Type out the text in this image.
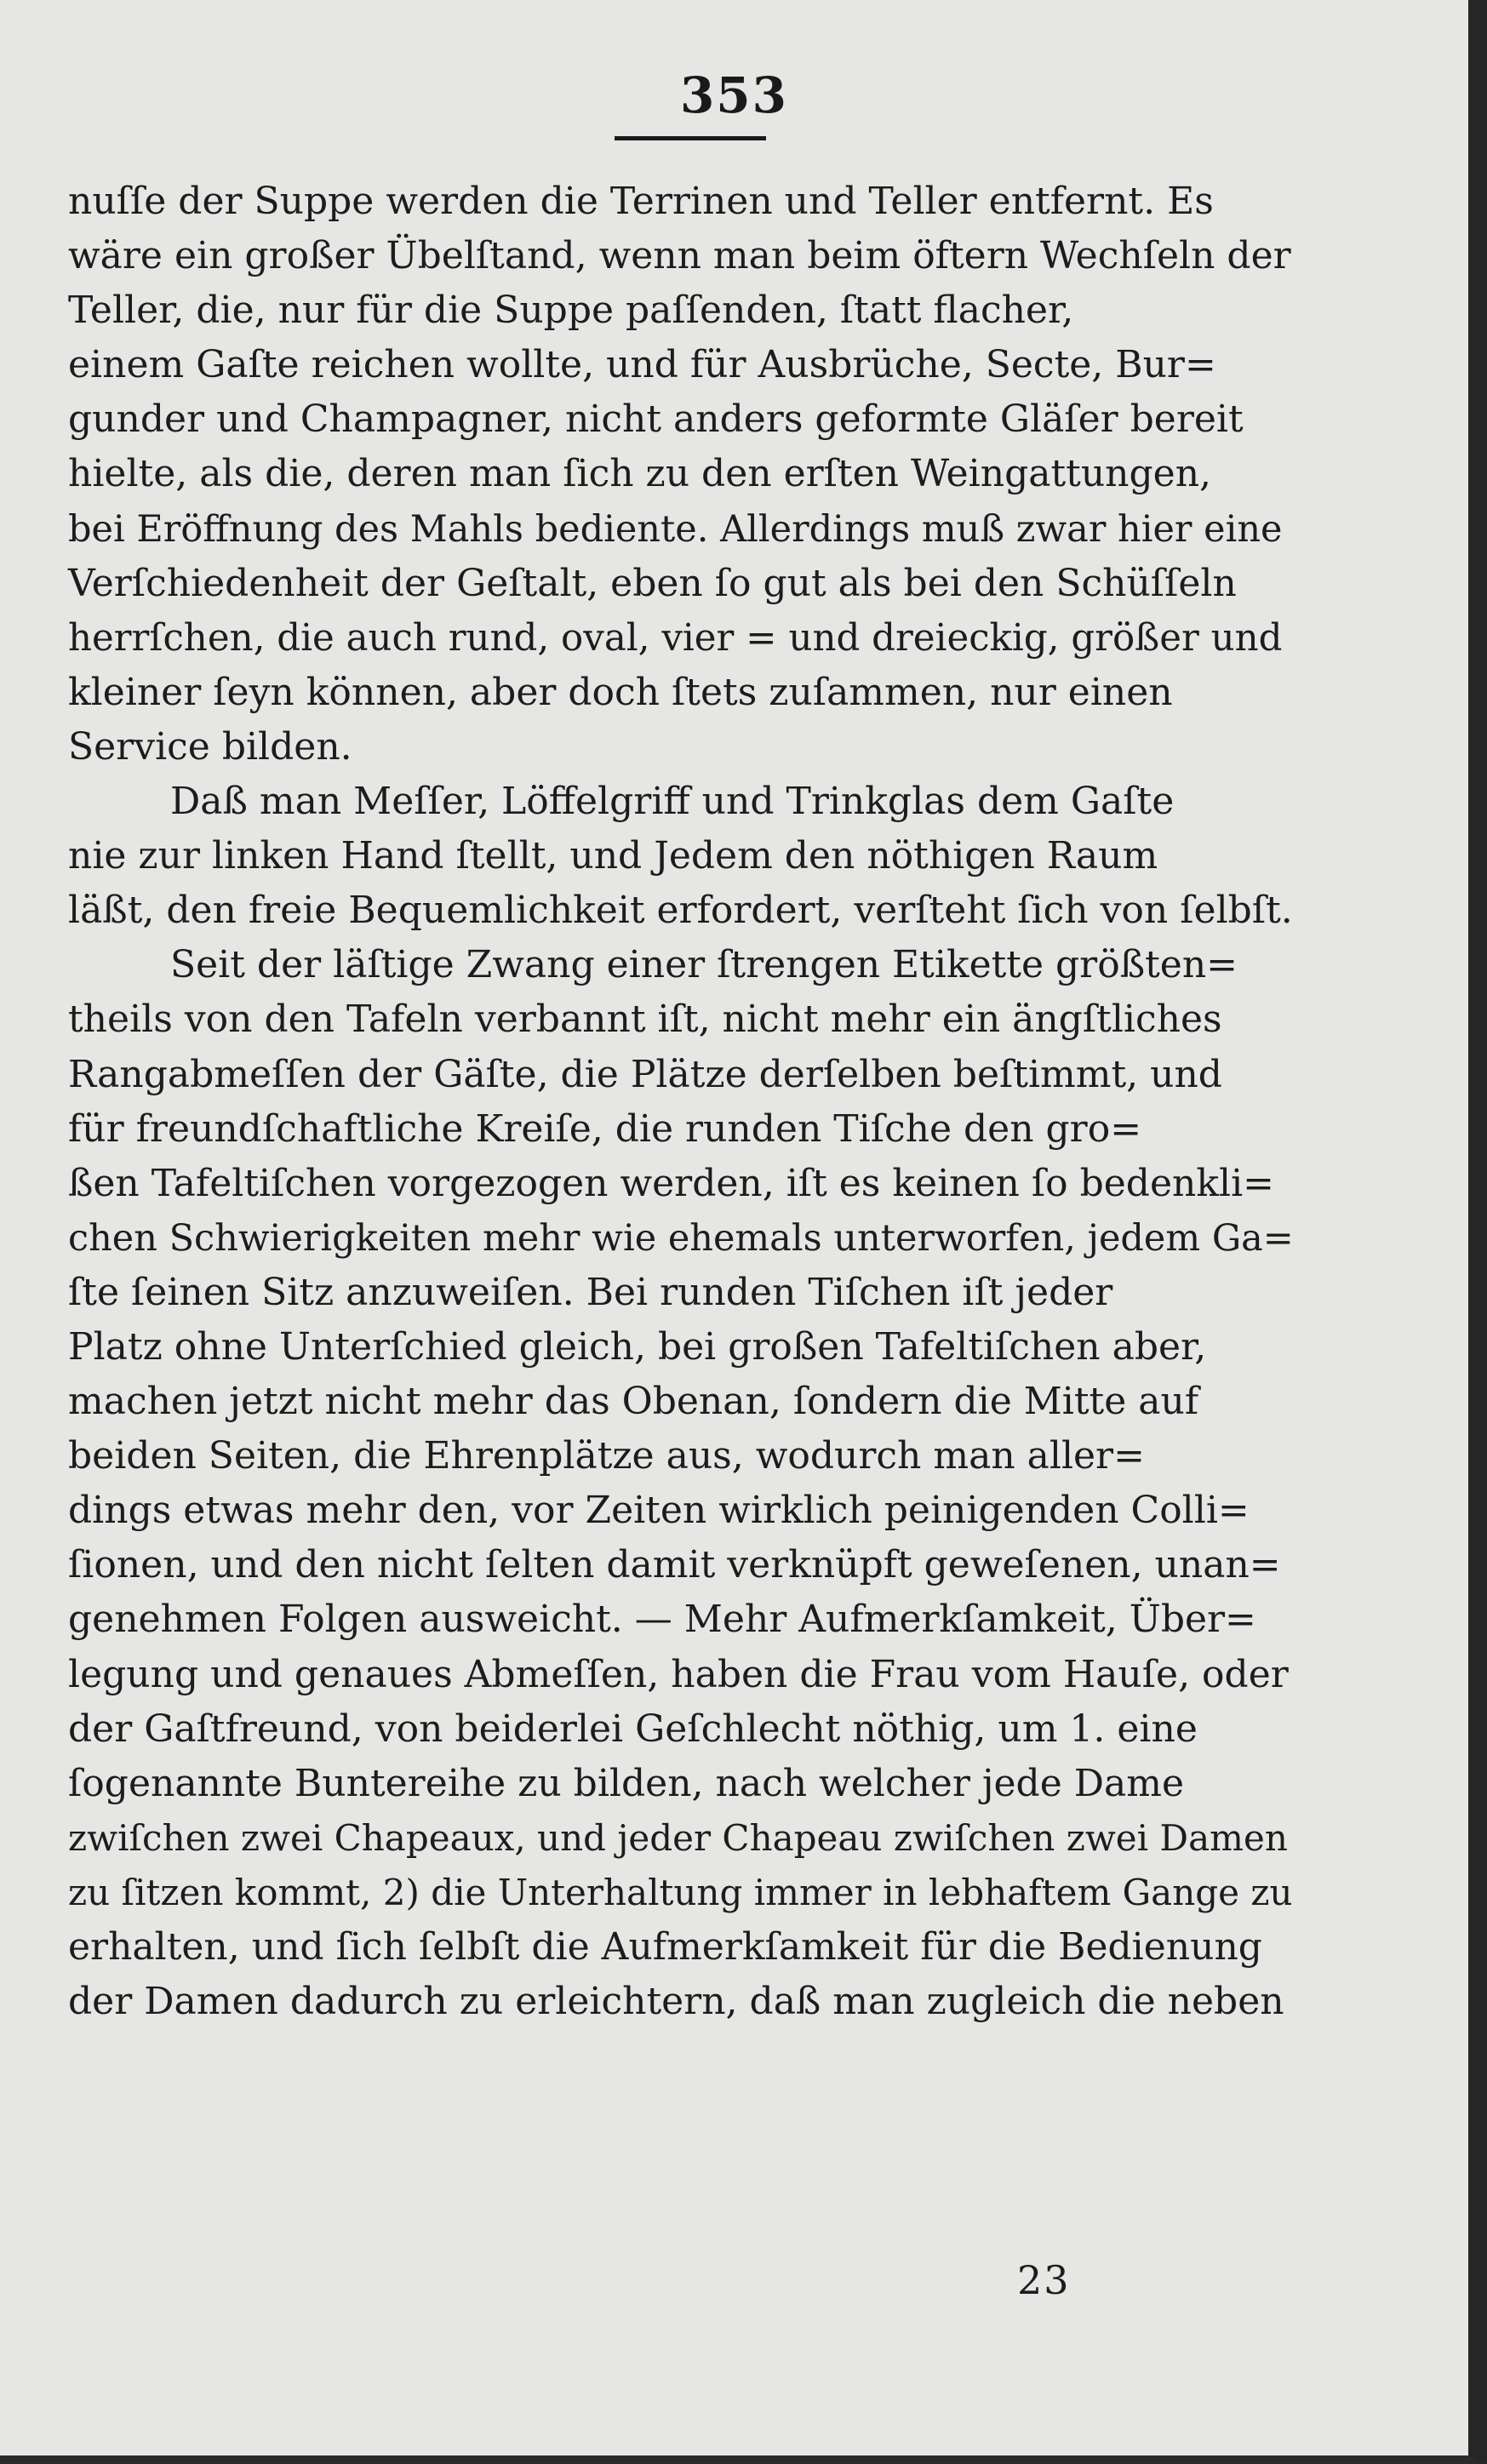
353
nuſſe der Suppe werden die Terrinen und Teller entfernt. Es
wäre ein großer Übelſtand, wenn man beim öftern Wechſeln der
Teller, die, nur für die Suppe paſſenden, ſtatt flacher,
einem Gaſte reichen wollte, und für Ausbrüche, Secte, Bur=
gunder und Champagner, nicht anders geformte Gläſer bereit
hielte, als die, deren man ſich zu den erſten Weingattungen,
bei Eröffnung des Mahls bediente. Allerdings muß zwar hier eine
Verſchiedenheit der Geſtalt, eben ſo gut als bei den Schüſſeln
herrſchen, die auch rund, oval, vier = und dreieckig, größer und
kleiner ſeyn können, aber doch ſtets zuſammen, nur einen
Service bilden.
Daß man Meſſer, Löffelgriff und Trinkglas dem Gaſte
nie zur linken Hand ſtellt, und Jedem den nöthigen Raum
läßt, den freie Bequemlichkeit erfordert, verſteht ſich von ſelbſt.
Seit der läſtige Zwang einer ſtrengen Etikette größten=
theils von den Tafeln verbannt iſt, nicht mehr ein ängſtliches
Rangabmeſſen der Gäſte, die Plätze derſelben beſtimmt, und
für freundſchaftliche Kreiſe, die runden Tiſche den gro=
ßen Tafeltiſchen vorgezogen werden, iſt es keinen ſo bedenkli=
chen Schwierigkeiten mehr wie ehemals unterworfen, jedem Ga=
ſte ſeinen Sitz anzuweiſen. Bei runden Tiſchen iſt jeder
Platz ohne Unterſchied gleich, bei großen Tafeltiſchen aber,
machen jetzt nicht mehr das Obenan, ſondern die Mitte auf
beiden Seiten, die Ehrenplätze aus, wodurch man aller=
dings etwas mehr den, vor Zeiten wirklich peinigenden Colli=
ſionen, und den nicht ſelten damit verknüpft geweſenen, unan=
genehmen Folgen ausweicht. — Mehr Aufmerkſamkeit, Über=
legung und genaues Abmeſſen, haben die Frau vom Hauſe, oder
der Gaſtfreund, von beiderlei Geſchlecht nöthig, um 1. eine
ſogenannte Buntereihe zu bilden, nach welcher jede Dame
zwiſchen zwei Chapeaux, und jeder Chapeau zwiſchen zwei Damen
zu ſitzen kommt, 2) die Unterhaltung immer in lebhaftem Gange zu
erhalten, und ſich ſelbſt die Aufmerkſamkeit für die Bedienung
der Damen dadurch zu erleichtern, daß man zugleich die neben
23
